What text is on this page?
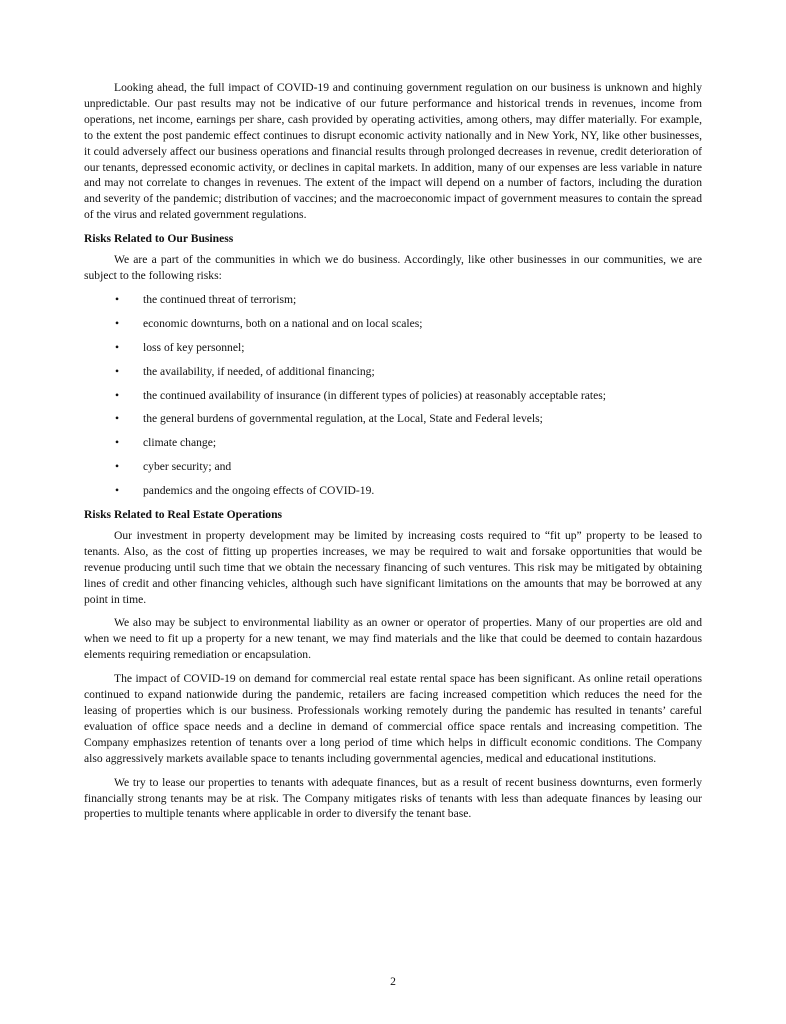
Looking ahead, the full impact of COVID-19 and continuing government regulation on our business is unknown and highly unpredictable. Our past results may not be indicative of our future performance and historical trends in revenues, income from operations, net income, earnings per share, cash provided by operating activities, among others, may differ materially. For example, to the extent the post pandemic effect continues to disrupt economic activity nationally and in New York, NY, like other businesses, it could adversely affect our business operations and financial results through prolonged decreases in revenue, credit deterioration of our tenants, depressed economic activity, or declines in capital markets. In addition, many of our expenses are less variable in nature and may not correlate to changes in revenues. The extent of the impact will depend on a number of factors, including the duration and severity of the pandemic; distribution of vaccines; and the macroeconomic impact of government measures to contain the spread of the virus and related government regulations.

Risks Related to Our Business

We are a part of the communities in which we do business. Accordingly, like other businesses in our communities, we are subject to the following risks:

• the continued threat of terrorism;
• economic downturns, both on a national and on local scales;
• loss of key personnel;
• the availability, if needed, of additional financing;
• the continued availability of insurance (in different types of policies) at reasonably acceptable rates;
• the general burdens of governmental regulation, at the Local, State and Federal levels;
• climate change;
• cyber security; and
• pandemics and the ongoing effects of COVID-19.
Risks Related to Real Estate Operations

Our investment in property development may be limited by increasing costs required to “fit up” property to be leased to tenants. Also, as the cost of fitting up properties increases, we may be required to wait and forsake opportunities that would be revenue producing until such time that we obtain the necessary financing of such ventures. This risk may be mitigated by obtaining lines of credit and other financing vehicles, although such have significant limitations on the amounts that may be borrowed at any point in time.

We also may be subject to environmental liability as an owner or operator of properties. Many of our properties are old and when we need to fit up a property for a new tenant, we may find materials and the like that could be deemed to contain hazardous elements requiring remediation or encapsulation.

The impact of COVID-19 on demand for commercial real estate rental space has been significant. As online retail operations continued to expand nationwide during the pandemic, retailers are facing increased competition which reduces the need for the leasing of properties which is our business. Professionals working remotely during the pandemic has resulted in tenants’ careful evaluation of office space needs and a decline in demand of commercial office space rentals and increasing competition. The Company emphasizes retention of tenants over a long period of time which helps in difficult economic conditions. The Company also aggressively markets available space to tenants including governmental agencies, medical and educational institutions.

We try to lease our properties to tenants with adequate finances, but as a result of recent business downturns, even formerly financially strong tenants may be at risk. The Company mitigates risks of tenants with less than adequate finances by leasing our properties to multiple tenants where applicable in order to diversify the tenant base.

2
